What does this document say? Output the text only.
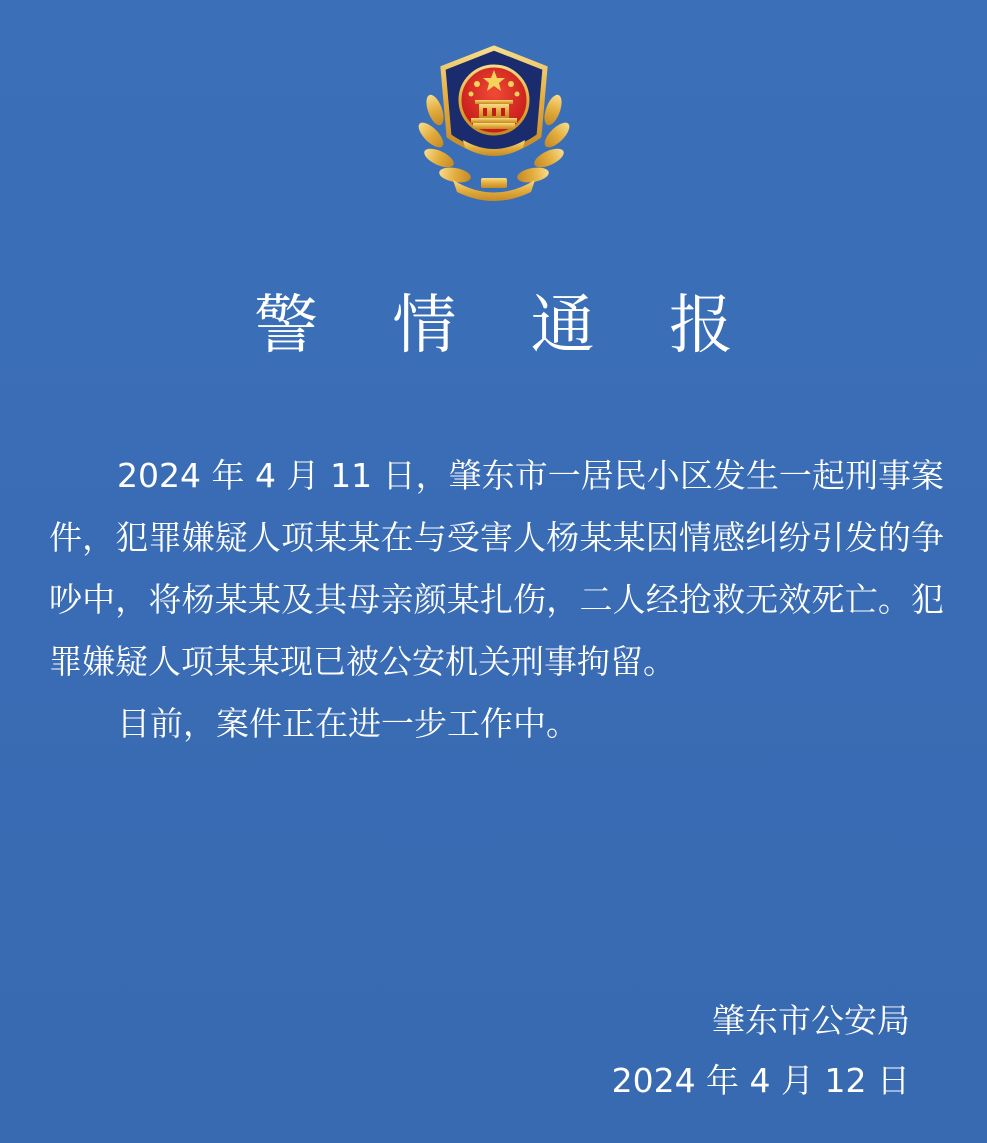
警 情 通 报

2024 年 4 月 11 日，肇东市一居民小区发生一起刑事案件，犯罪嫌疑人项某某在与受害人杨某某因情感纠纷引发的争吵中，将杨某某及其母亲颜某扎伤，二人经抢救无效死亡。犯罪嫌疑人项某某现已被公安机关刑事拘留。

目前，案件正在进一步工作中。

肇东市公安局
2024 年 4 月 12 日
